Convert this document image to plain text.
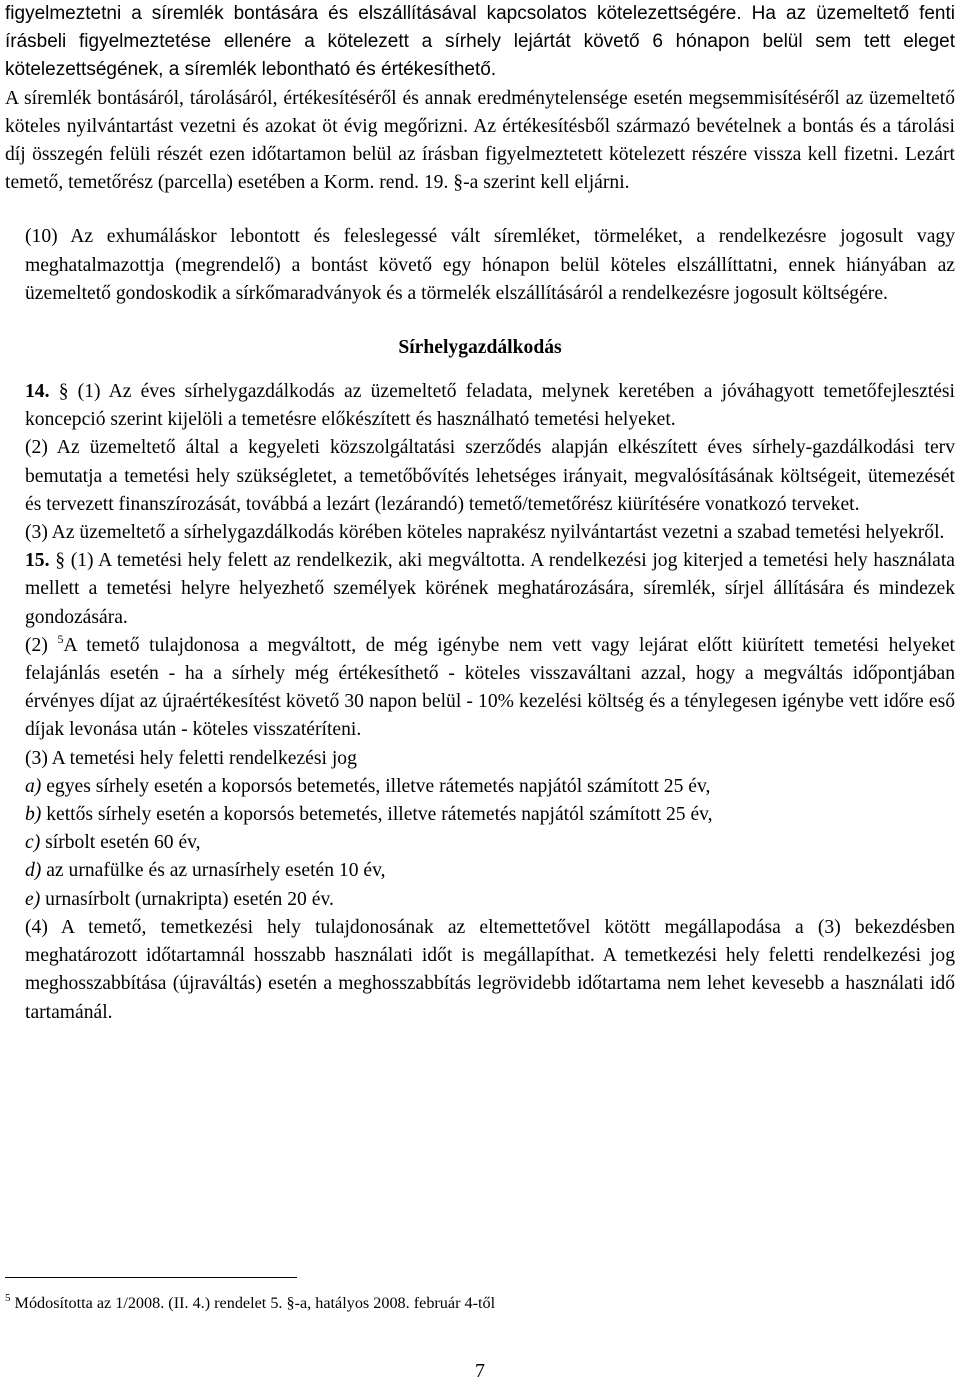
figyelmeztetni a síremlék bontására és elszállításával kapcsolatos kötelezettségére. Ha az üzemeltető fenti írásbeli figyelmeztetése ellenére a kötelezett a sírhely lejártát követő 6 hónapon belül sem tett eleget kötelezettségének, a síremlék lebontható és értékesíthető.

A síremlék bontásáról, tárolásáról, értékesítéséről és annak eredménytelensége esetén megsemmisítéséről az üzemeltető köteles nyilvántartást vezetni és azokat öt évig megőrizni. Az értékesítésből származó bevételnek a bontás és a tárolási díj összegén felüli részét ezen időtartamon belül az írásban figyelmeztetett kötelezett részére vissza kell fizetni. Lezárt temető, temetőrész (parcella) esetében a Korm. rend. 19. §-a szerint kell eljárni.

(10) Az exhumáláskor lebontott és feleslegessé vált síremléket, törmeléket, a rendelkezésre jogosult vagy meghatalmazottja (megrendelő) a bontást követő egy hónapon belül köteles elszállíttatni, ennek hiányában az üzemeltető gondoskodik a sírkőmaradványok és a törmelék elszállításáról a rendelkezésre jogosult költségére.

Sírhelygazdálkodás

14. § (1) Az éves sírhelygazdálkodás az üzemeltető feladata, melynek keretében a jóváhagyott temetőfejlesztési koncepció szerint kijelöli a temetésre előkészített és használható temetési helyeket.

(2) Az üzemeltető által a kegyeleti közszolgáltatási szerződés alapján elkészített éves sírhely-gazdálkodási terv bemutatja a temetési hely szükségletet, a temetőbővítés lehetséges irányait, megvalósításának költségeit, ütemezését és tervezett finanszírozását, továbbá a lezárt (lezárandó) temető/temetőrész kiürítésére vonatkozó terveket.

(3) Az üzemeltető a sírhelygazdálkodás körében köteles naprakész nyilvántartást vezetni a szabad temetési helyekről.

15. § (1) A temetési hely felett az rendelkezik, aki megváltotta. A rendelkezési jog kiterjed a temetési hely használata mellett a temetési helyre helyezhető személyek körének meghatározására, síremlék, sírjel állítására és mindezek gondozására.

(2) $^5$A temető tulajdonosa a megváltott, de még igénybe nem vett vagy lejárat előtt kiürített temetési helyeket felajánlás esetén - ha a sírhely még értékesíthető - köteles visszaváltani azzal, hogy a megváltás időpontjában érvényes díjat az újraértékesítést követő 30 napon belül - 10% kezelési költség és a ténylegesen igénybe vett időre eső díjak levonása után - köteles visszatéríteni.

(3) A temetési hely feletti rendelkezési jog

a) egyes sírhely esetén a koporsós betemetés, illetve rátemetés napjától számított 25 év,

b) kettős sírhely esetén a koporsós betemetés, illetve rátemetés napjától számított 25 év,

c) sírbolt esetén 60 év,

d) az urnafülke és az urnasírhely esetén 10 év,

e) urnasírbolt (urnakripta) esetén 20 év.

(4) A temető, temetkezési hely tulajdonosának az eltemettetővel kötött megállapodása a (3) bekezdésben meghatározott időtartamnál hosszabb használati időt is megállapíthat. A temetkezési hely feletti rendelkezési jog meghosszabbítása (újraváltás) esetén a meghosszabbítás legrövidebb időtartama nem lehet kevesebb a használati idő tartamánál.

$^5$ Módosította az 1/2008. (II. 4.) rendelet 5. §-a, hatályos 2008. február 4-től
7
